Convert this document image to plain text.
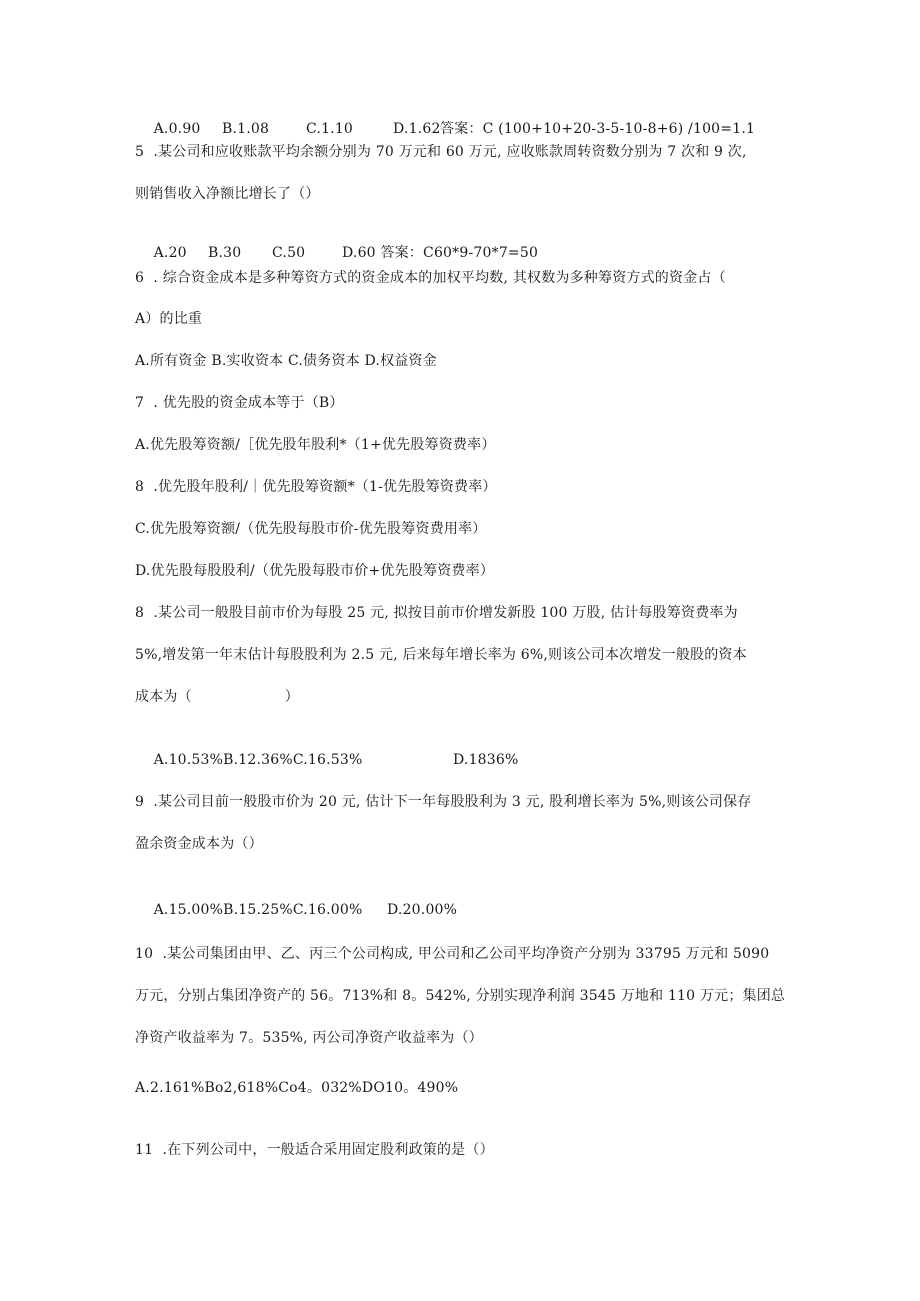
A.0.90 B.1.08	C.1.10	D.1.62 答案：C (100+10+20-3-5-10-8+6) /100=1.1

5  .某公司和应收账款平均余额分别为 70 万元和 60 万元, 应收账款周转资数分别为 7 次和 9 次,
则销售收入净额比增长了（）

A.20 B.30 C.50	D.60 答案：C60*9-70*7=50

6  . 综合资金成本是多种筹资方式的资金成本的加权平均数, 其权数为多种筹资方式的资金占（
A）的比重
A.所有资金 B.实收资本 C.债务资本 D.权益资金
7  . 优先股的资金成本等于（B）
A.优先股筹资额/［优先股年股利*（1+优先股筹资费率）
8  .优先股年股利/｜优先股筹资额*（1-优先股筹资费率）
C.优先股筹资额/（优先股每股市价-优先股筹资费用率）
D.优先股每股股利/（优先股每股市价+优先股筹资费率）
8  .某公司一般股目前市价为每股 25 元, 拟按目前市价增发新股 100 万股, 估计每股筹资费率为
5%,增发第一年末估计每股股利为 2.5 元, 后来每年增长率为 6%,则该公司本次增发一般股的资本
成本为（                    ）

A.10.53%B.12.36%C.16.53%	D.1836%

9  .某公司目前一般股市价为 20 元, 估计下一年每股股利为 3 元, 股利增长率为 5%,则该公司保存
盈余资金成本为（）

A.15.00%B.15.25%C.16.00% D.20.00%

10  .某公司集团由甲、乙、丙三个公司构成, 甲公司和乙公司平均净资产分别为 33795 万元和 5090
万元，分别占集团净资产的 56。713%和 8。542%, 分别实现净利润 3545 万地和 110 万元；集团总
净资产收益率为 7。535%, 丙公司净资产收益率为（）
A.2.161%Bo2,618%Co4。032%DO10。490%
11  .在下列公司中，一般适合采用固定股利政策的是（）
